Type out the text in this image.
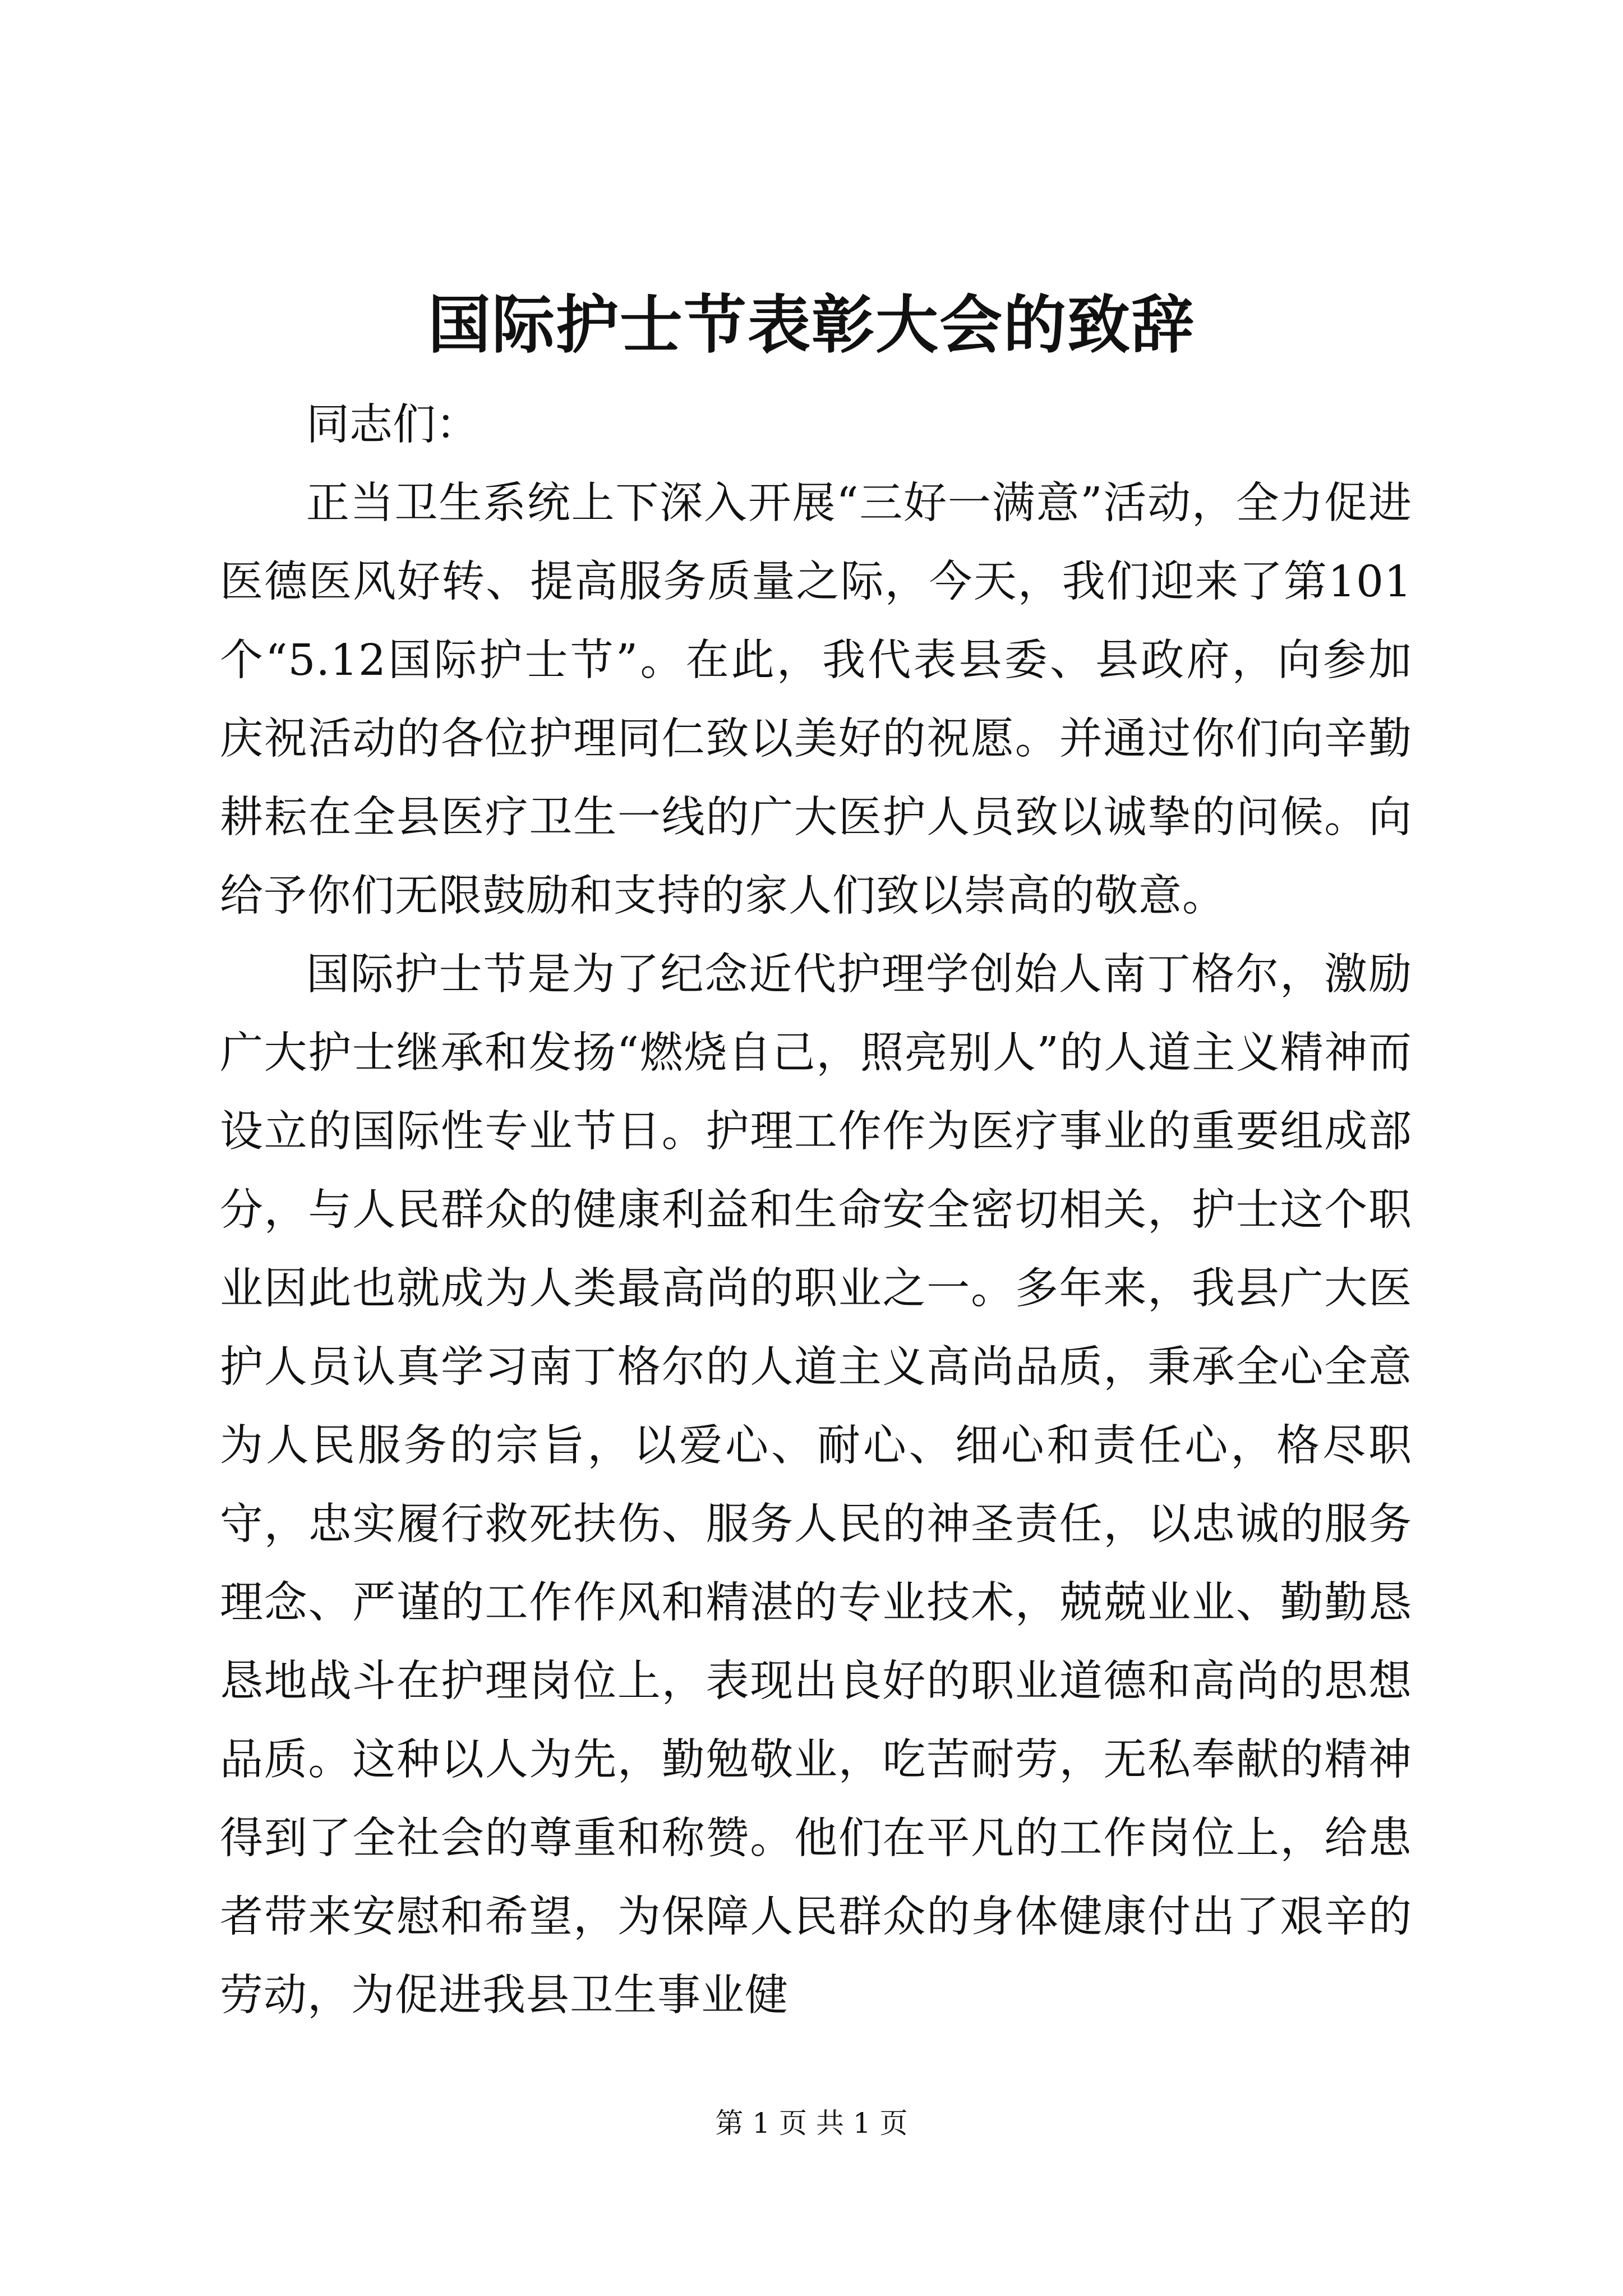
国际护士节表彰大会的致辞

同志们：

正当卫生系统上下深入开展“三好一满意”活动，全力促进医德医风好转、提高服务质量之际，今天，我们迎来了第101个“5.12国际护士节”。在此，我代表县委、县政府，向参加庆祝活动的各位护理同仁致以美好的祝愿。并通过你们向辛勤耕耘在全县医疗卫生一线的广大医护人员致以诚挚的问候。向给予你们无限鼓励和支持的家人们致以崇高的敬意。

国际护士节是为了纪念近代护理学创始人南丁格尔，激励广大护士继承和发扬“燃烧自己，照亮别人”的人道主义精神而设立的国际性专业节日。护理工作作为医疗事业的重要组成部分，与人民群众的健康利益和生命安全密切相关，护士这个职业因此也就成为人类最高尚的职业之一。多年来，我县广大医护人员认真学习南丁格尔的人道主义高尚品质，秉承全心全意为人民服务的宗旨，以爱心、耐心、细心和责任心，格尽职守，忠实履行救死扶伤、服务人民的神圣责任，以忠诚的服务理念、严谨的工作作风和精湛的专业技术，兢兢业业、勤勤恳恳地战斗在护理岗位上，表现出良好的职业道德和高尚的思想品质。这种以人为先，勤勉敬业，吃苦耐劳，无私奉献的精神得到了全社会的尊重和称赞。他们在平凡的工作岗位上，给患者带来安慰和希望，为保障人民群众的身体健康付出了艰辛的劳动，为促进我县卫生事业健

第 1 页 共 1 页
